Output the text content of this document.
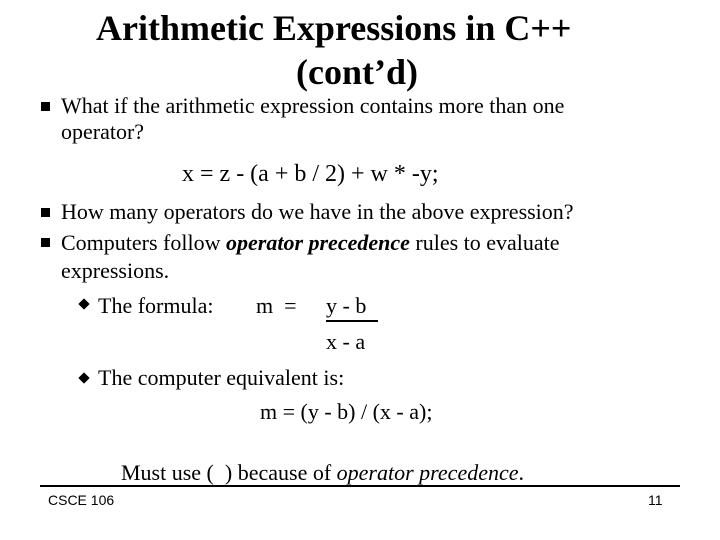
Arithmetic Expressions in C++
(cont’d)
What if the arithmetic expression contains more than one
operator?
x = z - (a + b / 2) + w * -y;
How many operators do we have in the above expression?
Computers follow operator precedence rules to evaluate
expressions.
The formula: m  = y - b
x - a
The computer equivalent is:
m = (y - b) / (x - a);

Must use (  ) because of operator precedence.

CSCE 106	11
